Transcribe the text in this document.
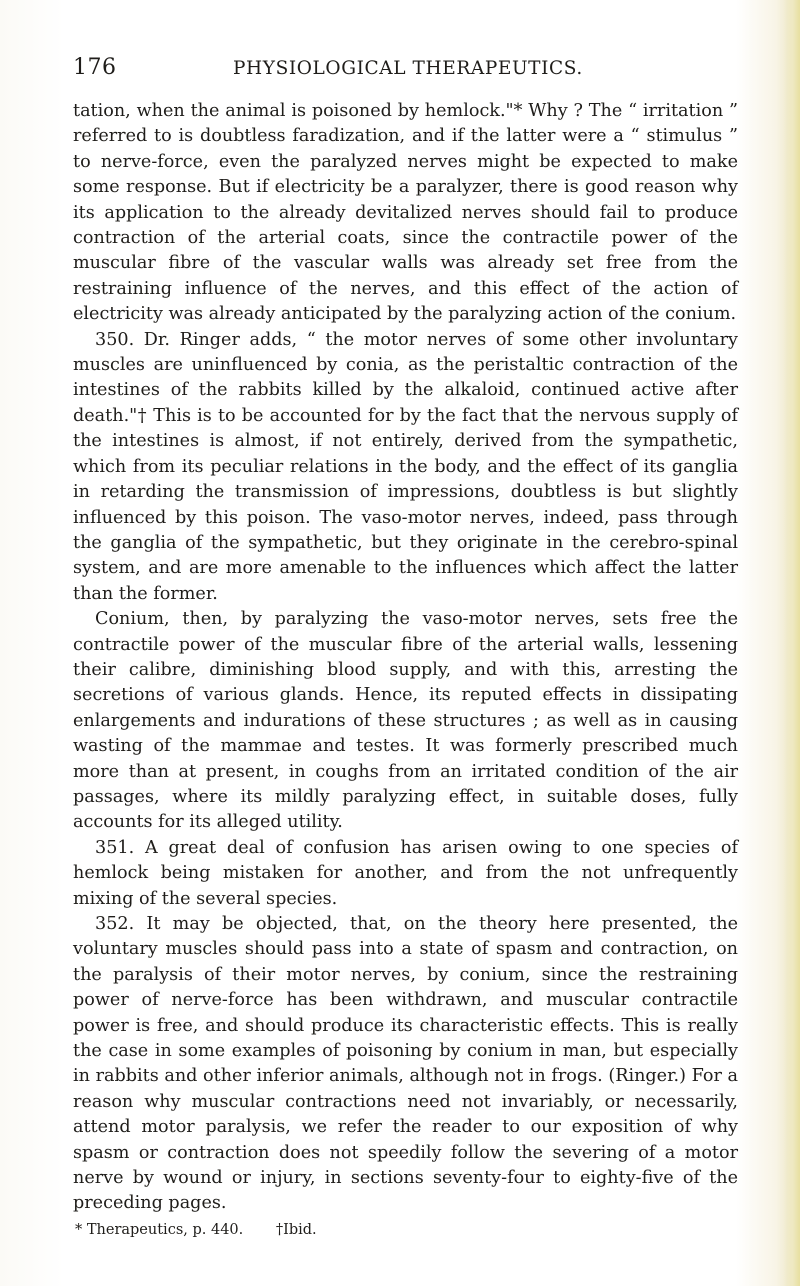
176	PHYSIOLOGICAL THERAPEUTICS.

tation, when the animal is poisoned by hemlock."* Why ? The “ irritation ” referred to is doubtless faradization, and if the latter were a “ stimulus ” to nerve-force, even the paralyzed nerves might be expected to make some response. But if electricity be a paralyzer, there is good reason why its application to the already devitalized nerves should fail to produce contraction of the arterial coats, since the contractile power of the muscular fibre of the vascular walls was already set free from the restraining influence of the nerves, and this effect of the action of electricity was already anticipated by the paralyzing action of the conium.

350. Dr. Ringer adds, “ the motor nerves of some other involuntary muscles are uninfluenced by conia, as the peristaltic contraction of the intestines of the rabbits killed by the alkaloid, continued active after death."† This is to be accounted for by the fact that the nervous supply of the intestines is almost, if not entirely, derived from the sympathetic, which from its peculiar relations in the body, and the effect of its ganglia in retarding the transmission of impressions, doubtless is but slightly influenced by this poison. The vaso-motor nerves, indeed, pass through the ganglia of the sympathetic, but they originate in the cerebro-spinal system, and are more amenable to the influences which affect the latter than the former.

Conium, then, by paralyzing the vaso-motor nerves, sets free the contractile power of the muscular fibre of the arterial walls, lessening their calibre, diminishing blood supply, and with this, arresting the secretions of various glands. Hence, its reputed effects in dissipating enlargements and indurations of these structures ; as well as in causing wasting of the mammae and testes. It was formerly prescribed much more than at present, in coughs from an irritated condition of the air passages, where its mildly paralyzing effect, in suitable doses, fully accounts for its alleged utility.

351. A great deal of confusion has arisen owing to one species of hemlock being mistaken for another, and from the not unfrequently mixing of the several species.

352. It may be objected, that, on the theory here presented, the voluntary muscles should pass into a state of spasm and contraction, on the paralysis of their motor nerves, by conium, since the restraining power of nerve-force has been withdrawn, and muscular contractile power is free, and should produce its characteristic effects. This is really the case in some examples of poisoning by conium in man, but especially in rabbits and other inferior animals, although not in frogs. (Ringer.) For a reason why muscular contractions need not invariably, or necessarily, attend motor paralysis, we refer the reader to our exposition of why spasm or contraction does not speedily follow the severing of a motor nerve by wound or injury, in sections seventy-four to eighty-five of the preceding pages.

* Therapeutics, p. 440. †Ibid.
